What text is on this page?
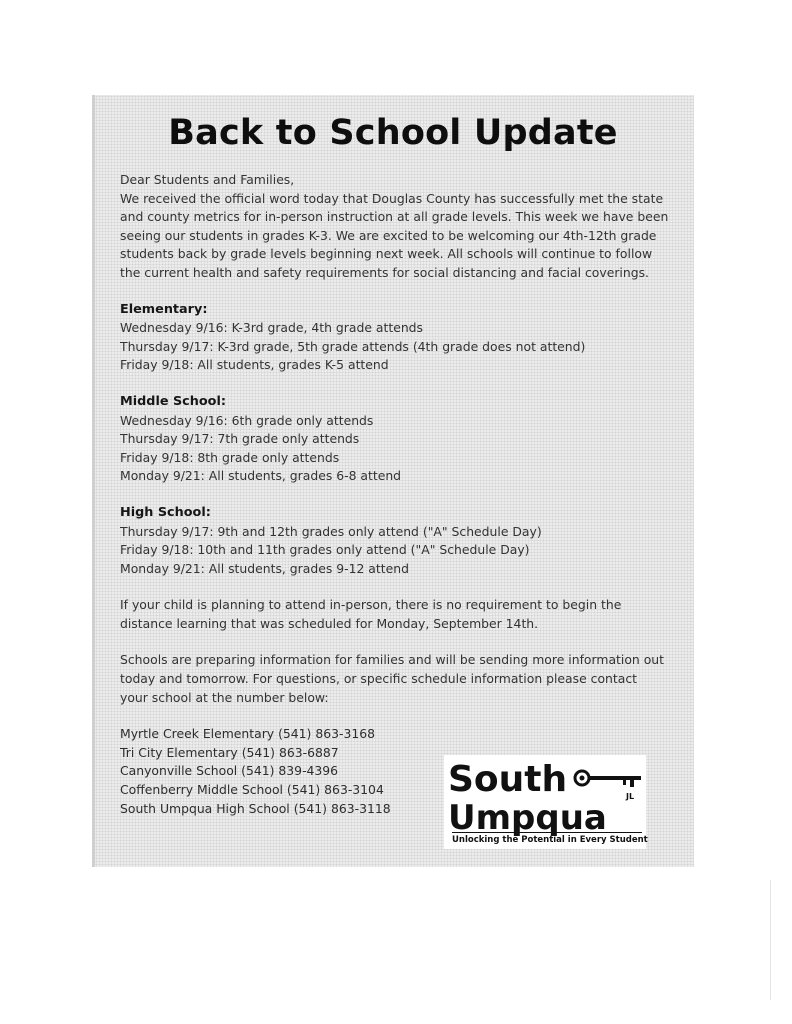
Back to School Update

Dear Students and Families,

We received the official word today that Douglas County has successfully met the state

and county metrics for in-person instruction at all grade levels. This week we have been

seeing our students in grades K-3. We are excited to be welcoming our 4th-12th grade

students back by grade levels beginning next week. All schools will continue to follow

the current health and safety requirements for social distancing and facial coverings.

Elementary:

Wednesday 9/16: K-3rd grade, 4th grade attends

Thursday 9/17: K-3rd grade, 5th grade attends (4th grade does not attend)

Friday 9/18: All students, grades K-5 attend

Middle School:

Wednesday 9/16: 6th grade only attends

Thursday 9/17: 7th grade only attends

Friday 9/18: 8th grade only attends

Monday 9/21: All students, grades 6-8 attend

High School:

Thursday 9/17: 9th and 12th grades only attend ("A" Schedule Day)

Friday 9/18: 10th and 11th grades only attend ("A" Schedule Day)

Monday 9/21: All students, grades 9-12 attend

If your child is planning to attend in-person, there is no requirement to begin the

distance learning that was scheduled for Monday, September 14th.

Schools are preparing information for families and will be sending more information out

today and tomorrow. For questions, or specific schedule information please contact

your school at the number below:

Myrtle Creek Elementary (541) 863-3168

Tri City Elementary (541) 863-6887

Canyonville School (541) 839-4396

Coffenberry Middle School (541) 863-3104

South Umpqua High School (541) 863-3118

South	JL
Umpqua
Unlocking the Potential in Every Student
